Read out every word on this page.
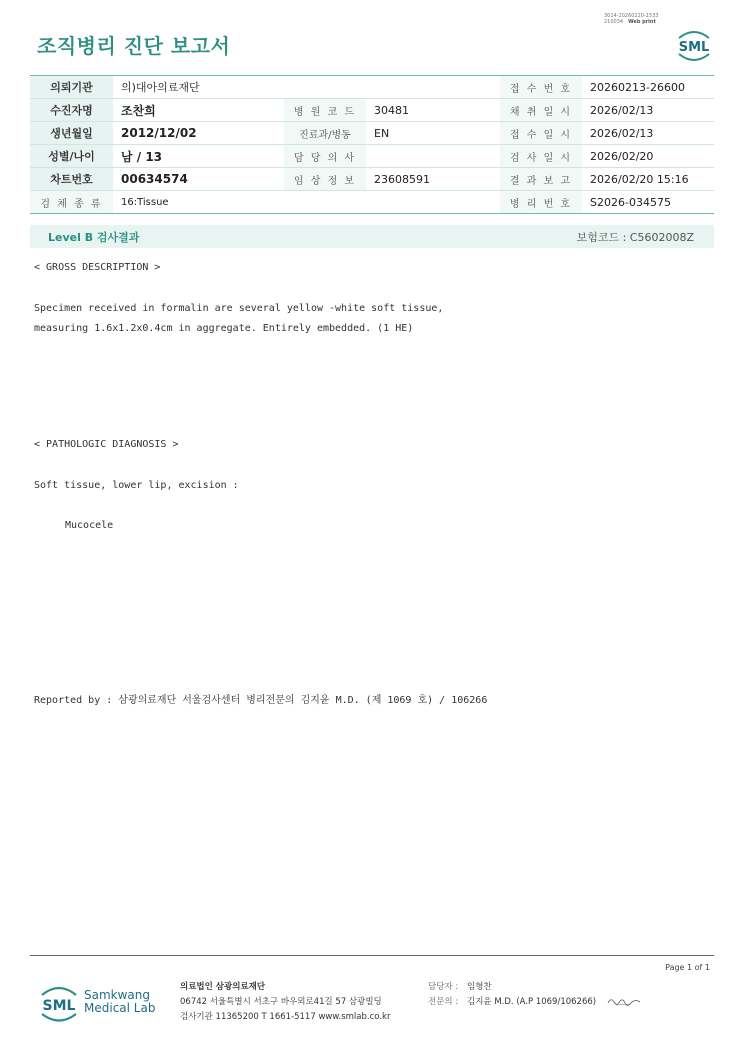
3014-20260220-1533
210034 Web print
조직병리 진단 보고서	SML
의뢰기관	의)대아의료재단			접 수 번 호	20260213-26600
수진자명	조찬희	병 원 코 드	30481	채 취 일 시	2026/02/13
생년월일	2012/12/02	진료과/병동	EN	접 수 일 시	2026/02/13
성별/나이	남 / 13	담 당 의 사		검 사 일 시	2026/02/20
차트번호	00634574	임 상 정 보	23608591	결 과 보 고	2026/02/20 15:16
검 체 종 류	16:Tissue			병 리 번 호	S2026-034575
Level B 검사결과	보험코드 : C5602008Z
< GROSS DESCRIPTION >
Specimen received in formalin are several yellow -white soft tissue,
measuring 1.6x1.2x0.4cm in aggregate. Entirely embedded. (1 HE)
< PATHOLOGIC DIAGNOSIS >
Soft tissue, lower lip, excision :
Mucocele
Reported by : 삼광의료재단 서울검사센터 병리전문의 김지윤 M.D. (제 1069 호) / 106266
Page 1 of 1
SML
Samkwang
Medical Lab
의료법인 삼광의료재단
06742 서울특별시 서초구 바우뫼로41길 57 삼광빌딩
검사기관 11365200 T 1661-5117 www.smlab.co.kr
담당자 : 임형찬
전문의 : 김지윤 M.D. (A.P 1069/106266)
